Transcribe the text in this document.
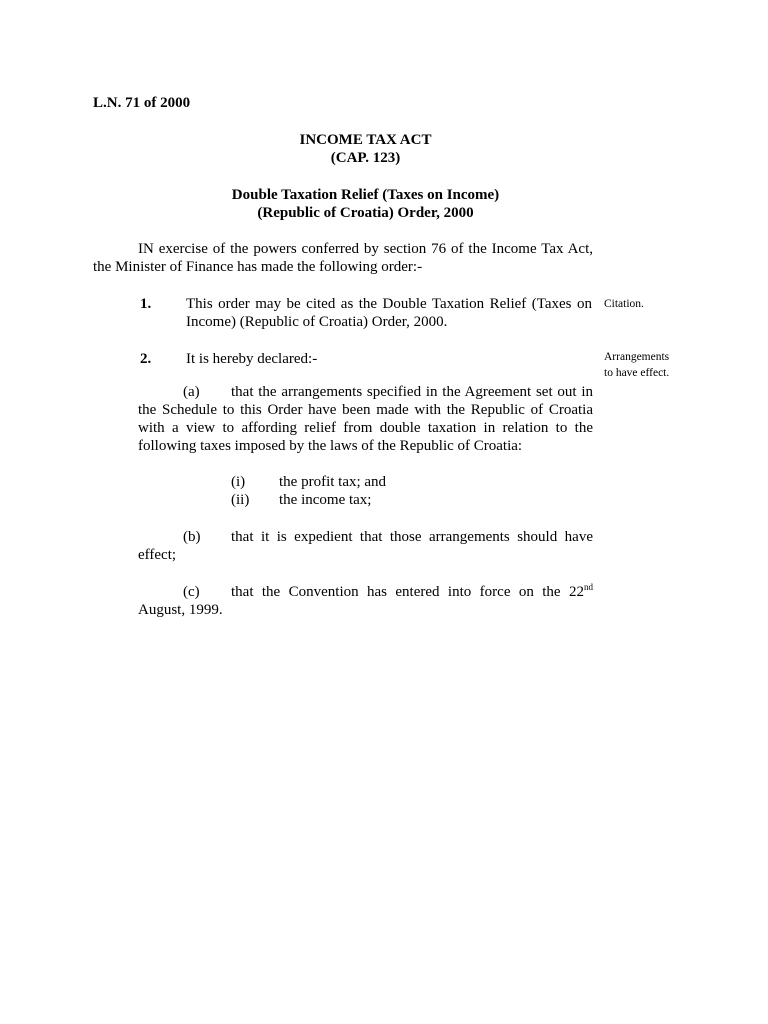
L.N. 71 of 2000
INCOME TAX ACT
(CAP. 123)
Double Taxation Relief (Taxes on Income)
(Republic of Croatia) Order, 2000
IN exercise of the powers conferred by section 76 of the Income Tax Act, the Minister of Finance has made the following order:-
1. This order may be cited as the Double Taxation Relief (Taxes on Income) (Republic of Croatia) Order, 2000.
Citation.
2. It is hereby declared:-	Arrangements
to have effect.
(a) that the arrangements specified in the Agreement set out in the Schedule to this Order have been made with the Republic of Croatia with a view to affording relief from double taxation in relation to the following taxes imposed by the laws of the Republic of Croatia:
(i) the profit tax; and
(ii) the income tax;
(b) that it is expedient that those arrangements should have effect;
(c) that the Convention has entered into force on the 22nd August, 1999.
